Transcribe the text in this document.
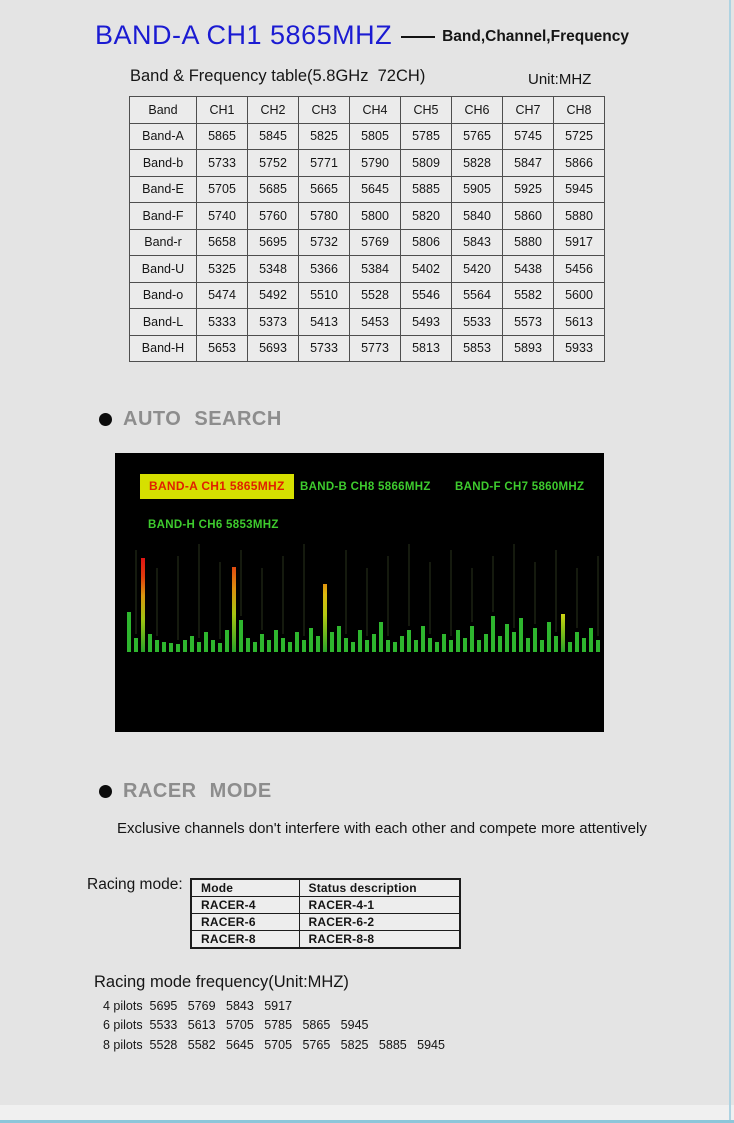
BAND-A CH1 5865MHZ	Band,Channel,Frequency
Band & Frequency table(5.8GHz  72CH)	Unit:MHZ
Band	CH1	CH2	CH3	CH4	CH5	CH6	CH7	CH8
Band-A	5865	5845	5825	5805	5785	5765	5745	5725
Band-b	5733	5752	5771	5790	5809	5828	5847	5866
Band-E	5705	5685	5665	5645	5885	5905	5925	5945
Band-F	5740	5760	5780	5800	5820	5840	5860	5880
Band-r	5658	5695	5732	5769	5806	5843	5880	5917
Band-U	5325	5348	5366	5384	5402	5420	5438	5456
Band-o	5474	5492	5510	5528	5546	5564	5582	5600
Band-L	5333	5373	5413	5453	5493	5533	5573	5613
Band-H	5653	5693	5733	5773	5813	5853	5893	5933
AUTO SEARCH
BAND-A CH1 5865MHZ	BAND-B CH8 5866MHZ BAND-F CH7 5860MHZ
BAND-H CH6 5853MHZ
RACER MODE
Exclusive channels don't interfere with each other and compete more attentively
Racing mode: Mode	Status description
RACER-4	RACER-4-1
RACER-6	RACER-6-2
RACER-8	RACER-8-8
Racing mode frequency(Unit:MHZ)
4 pilots  5695   5769   5843   5917
6 pilots  5533   5613   5705   5785   5865   5945
8 pilots  5528   5582   5645   5705   5765   5825   5885   5945
